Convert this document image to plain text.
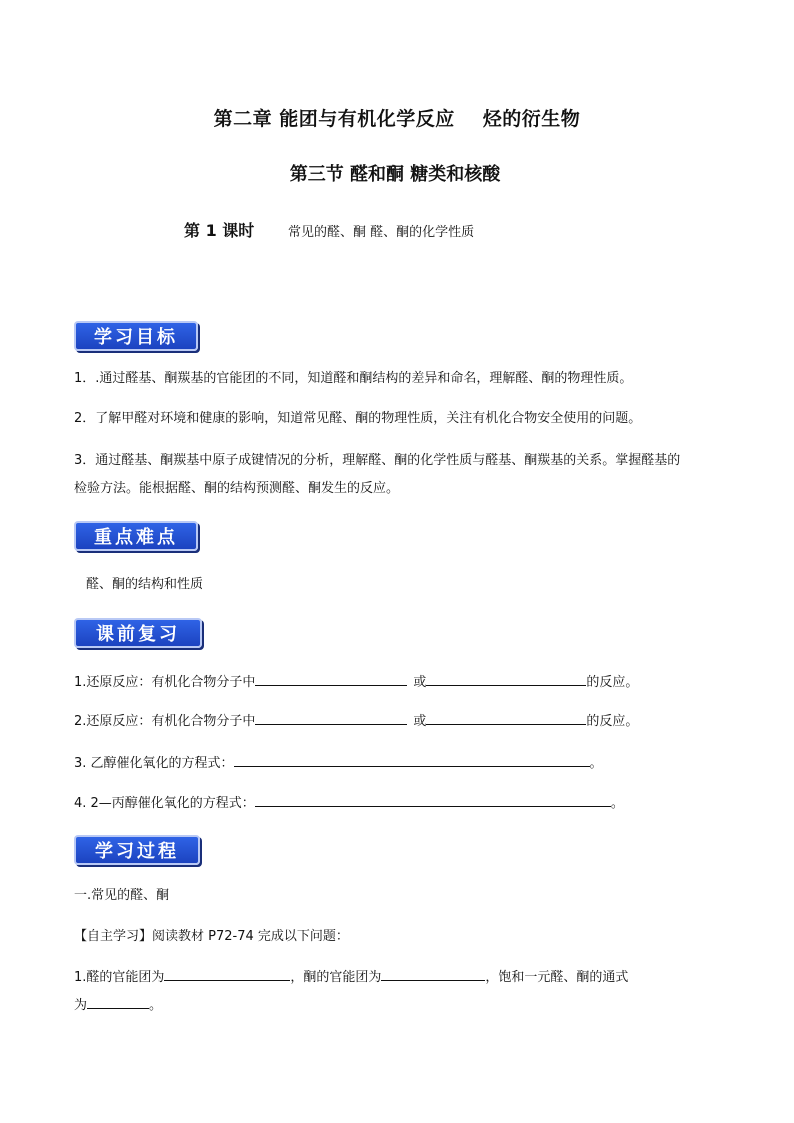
第二章 能团与有机化学反应 烃的衍生物
第三节 醛和酮 糖类和核酸
第 1 课时	常见的醛、酮 醛、酮的化学性质
学习目标
1．.通过醛基、酮羰基的官能团的不同，知道醛和酮结构的差异和命名，理解醛、酮的物理性质。
2．了解甲醛对环境和健康的影响，知道常见醛、酮的物理性质，关注有机化合物安全使用的问题。
3．通过醛基、酮羰基中原子成键情况的分析，理解醛、酮的化学性质与醛基、酮羰基的关系。掌握醛基的
检验方法。能根据醛、酮的结构预测醛、酮发生的反应。
重点难点
醛、酮的结构和性质
课前复习
1.还原反应：有机化合物分子中	或	的反应。
2.还原反应：有机化合物分子中	或	的反应。
3. 乙醇催化氧化的方程式：	。
4. 2—丙醇催化氧化的方程式：	。
学习过程
一.常见的醛、酮
【自主学习】阅读教材 P72-74 完成以下问题：
1.醛的官能团为	，酮的官能团为	，饱和一元醛、酮的通式
为	。
